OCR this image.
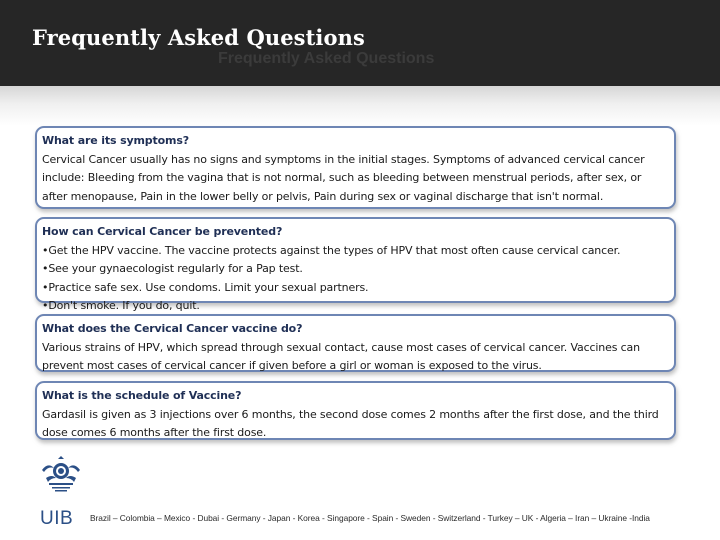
Frequently Asked Questions
Frequently Asked Questions
What are its symptoms?

Cervical Cancer usually has no signs and symptoms in the initial stages. Symptoms of advanced cervical cancer include: Bleeding from the vagina that is not normal, such as bleeding between menstrual periods, after sex, or after menopause, Pain in the lower belly or pelvis, Pain during sex or vaginal discharge that isn't normal.

How can Cervical Cancer be prevented?

•Get the HPV vaccine. The vaccine protects against the types of HPV that most often cause cervical cancer.

•See your gynaecologist regularly for a Pap test.

•Practice safe sex. Use condoms. Limit your sexual partners.

•Don't smoke. If you do, quit.

What does the Cervical Cancer vaccine do?

Various strains of HPV, which spread through sexual contact, cause most cases of cervical cancer. Vaccines can prevent most cases of cervical cancer if given before a girl or woman is exposed to the virus.

What is the schedule of Vaccine?

Gardasil is given as 3 injections over 6 months, the second dose comes 2 months after the first dose, and the third dose comes 6 months after the first dose.

UIB Brazil – Colombia – Mexico - Dubai - Germany - Japan - Korea - Singapore - Spain - Sweden - Switzerland - Turkey – UK - Algeria – Iran – Ukraine -India
